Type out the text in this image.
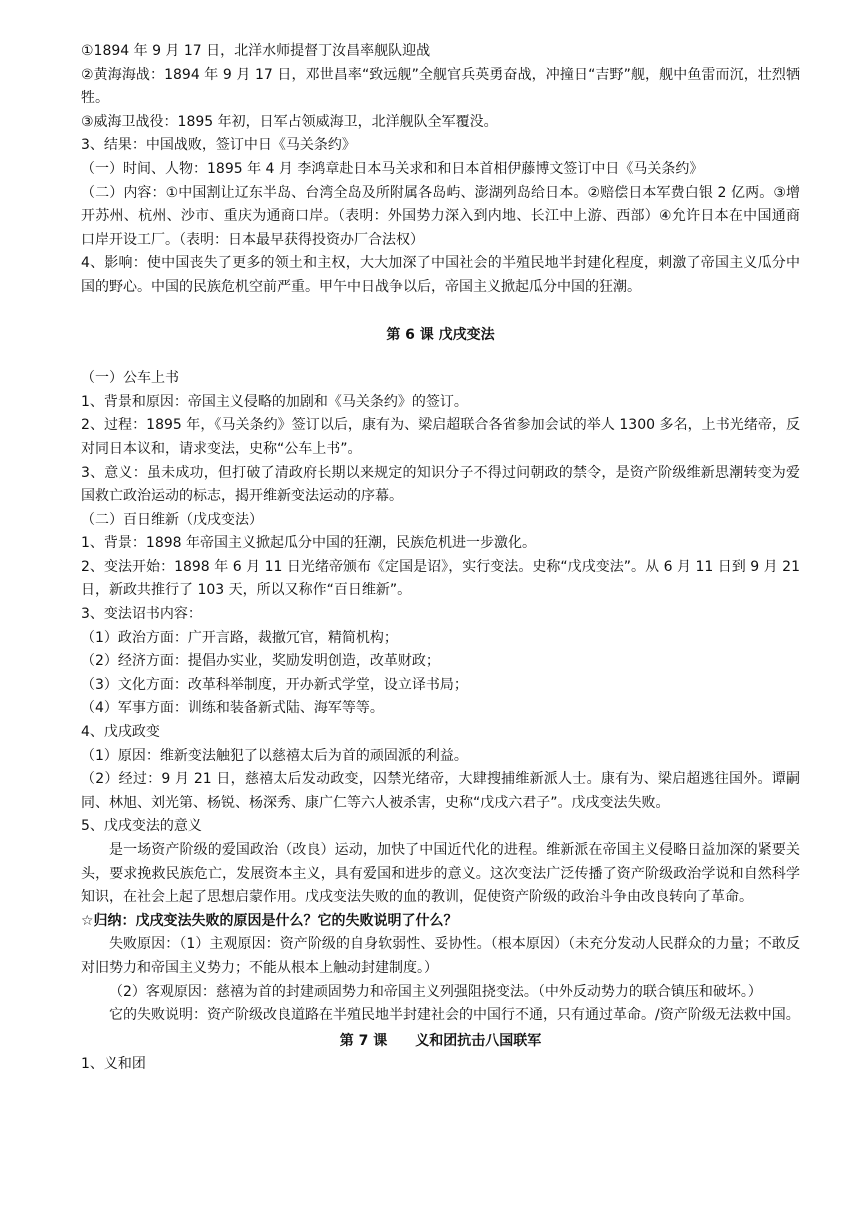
①1894 年 9 月 17 日，北洋水师提督丁汝昌率舰队迎战

②黄海海战：1894 年 9 月 17 日，邓世昌率“致远舰”全舰官兵英勇奋战，冲撞日“吉野”舰，舰中鱼雷而沉，壮烈牺牲。

③威海卫战役：1895 年初，日军占领威海卫，北洋舰队全军覆没。

3、结果：中国战败，签订中日《马关条约》

（一）时间、人物：1895 年 4 月 李鸿章赴日本马关求和和日本首相伊藤博文签订中日《马关条约》

（二）内容：①中国割让辽东半岛、台湾全岛及所附属各岛屿、澎湖列岛给日本。②赔偿日本军费白银 2 亿两。③增开苏州、杭州、沙市、重庆为通商口岸。（表明：外国势力深入到内地、长江中上游、西部）④允许日本在中国通商口岸开设工厂。（表明：日本最早获得投资办厂合法权）

4、影响：使中国丧失了更多的领土和主权，大大加深了中国社会的半殖民地半封建化程度，刺激了帝国主义瓜分中国的野心。中国的民族危机空前严重。甲午中日战争以后，帝国主义掀起瓜分中国的狂潮。

第 6 课 戊戌变法

（一）公车上书

1、背景和原因：帝国主义侵略的加剧和《马关条约》的签订。

2、过程：1895 年，《马关条约》签订以后，康有为、梁启超联合各省参加会试的举人 1300 多名，上书光绪帝，反对同日本议和，请求变法，史称“公车上书”。

3、意义：虽未成功，但打破了清政府长期以来规定的知识分子不得过问朝政的禁令，是资产阶级维新思潮转变为爱国救亡政治运动的标志，揭开维新变法运动的序幕。

（二）百日维新（戊戌变法）

1、背景：1898 年帝国主义掀起瓜分中国的狂潮，民族危机进一步激化。

2、变法开始：1898 年 6 月 11 日光绪帝颁布《定国是诏》，实行变法。史称“戊戌变法”。从 6 月 11 日到 9 月 21 日，新政共推行了 103 天，所以又称作“百日维新”。

3、变法诏书内容：

（1）政治方面：广开言路，裁撤冗官，精简机构；

（2）经济方面：提倡办实业，奖励发明创造，改革财政；

（3）文化方面：改革科举制度，开办新式学堂，设立译书局；

（4）军事方面：训练和装备新式陆、海军等等。

4、戊戌政变

（1）原因：维新变法触犯了以慈禧太后为首的顽固派的利益。

（2）经过：9 月 21 日，慈禧太后发动政变，囚禁光绪帝，大肆搜捕维新派人士。康有为、梁启超逃往国外。谭嗣同、林旭、刘光第、杨锐、杨深秀、康广仁等六人被杀害，史称“戊戌六君子”。戊戌变法失败。

5、戊戌变法的意义

是一场资产阶级的爱国政治（改良）运动，加快了中国近代化的进程。维新派在帝国主义侵略日益加深的紧要关头，要求挽救民族危亡，发展资本主义，具有爱国和进步的意义。这次变法广泛传播了资产阶级政治学说和自然科学知识，在社会上起了思想启蒙作用。戊戌变法失败的血的教训，促使资产阶级的政治斗争由改良转向了革命。

☆归纳：戊戌变法失败的原因是什么？它的失败说明了什么？

失败原因：（1）主观原因：资产阶级的自身软弱性、妥协性。（根本原因）（未充分发动人民群众的力量；不敢反对旧势力和帝国主义势力；不能从根本上触动封建制度。）

（2）客观原因：慈禧为首的封建顽固势力和帝国主义列强阻挠变法。（中外反动势力的联合镇压和破坏。）

它的失败说明：资产阶级改良道路在半殖民地半封建社会的中国行不通，只有通过革命。/资产阶级无法救中国。

第 7 课 义和团抗击八国联军

1、义和团
